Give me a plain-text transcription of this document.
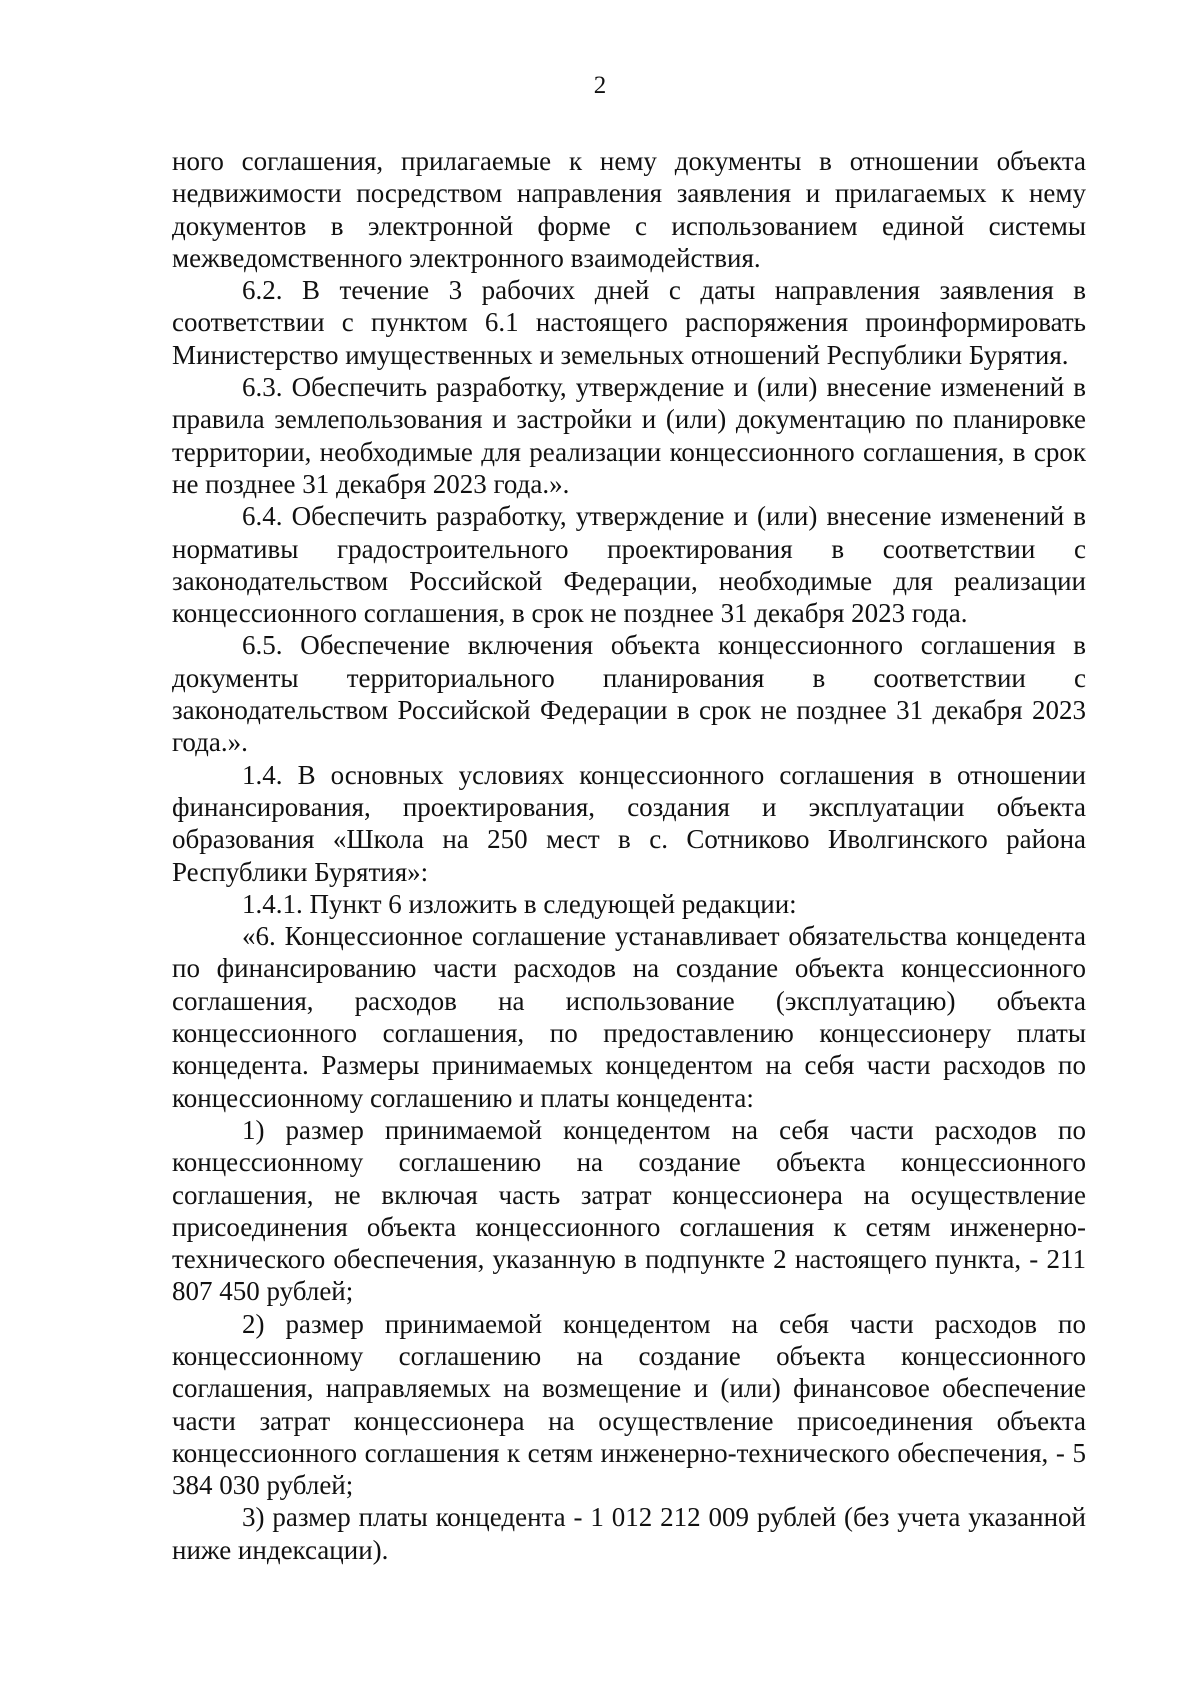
2

ного соглашения, прилагаемые к нему документы в отношении объекта недвижимости посредством направления заявления и прилагаемых к нему документов в электронной форме с использованием единой системы межведомственного электронного взаимодействия.

6.2. В течение 3 рабочих дней с даты направления заявления в соответствии с пунктом 6.1 настоящего распоряжения проинформировать Министерство имущественных и земельных отношений Республики Бурятия.

6.3. Обеспечить разработку, утверждение и (или) внесение изменений в правила землепользования и застройки и (или) документацию по планировке территории, необходимые для реализации концессионного соглашения, в срок не позднее 31 декабря 2023 года.».

6.4. Обеспечить разработку, утверждение и (или) внесение изменений в нормативы градостроительного проектирования в соответствии с законодательством Российской Федерации, необходимые для реализации концессионного соглашения, в срок не позднее 31 декабря 2023 года.

6.5. Обеспечение включения объекта концессионного соглашения в документы территориального планирования в соответствии с законодательством Российской Федерации в срок не позднее 31 декабря 2023 года.».

1.4. В основных условиях концессионного соглашения в отношении финансирования, проектирования, создания и эксплуатации объекта образования «Школа на 250 мест в с. Сотниково Иволгинского района Республики Бурятия»:

1.4.1. Пункт 6 изложить в следующей редакции:

«6. Концессионное соглашение устанавливает обязательства концедента по финансированию части расходов на создание объекта концессионного соглашения, расходов на использование (эксплуатацию) объекта концессионного соглашения, по предоставлению концессионеру платы концедента. Размеры принимаемых концедентом на себя части расходов по концессионному соглашению и платы концедента:

1) размер принимаемой концедентом на себя части расходов по концессионному соглашению на создание объекта концессионного соглашения, не включая часть затрат концессионера на осуществление присоединения объекта концессионного соглашения к сетям инженерно-технического обеспечения, указанную в подпункте 2 настоящего пункта, - 211 807 450 рублей;

2) размер принимаемой концедентом на себя части расходов по концессионному соглашению на создание объекта концессионного соглашения, направляемых на возмещение и (или) финансовое обеспечение части затрат концессионера на осуществление присоединения объекта концессионного соглашения к сетям инженерно-технического обеспечения, - 5 384 030 рублей;

3) размер платы концедента - 1 012 212 009 рублей (без учета указанной ниже индексации).
